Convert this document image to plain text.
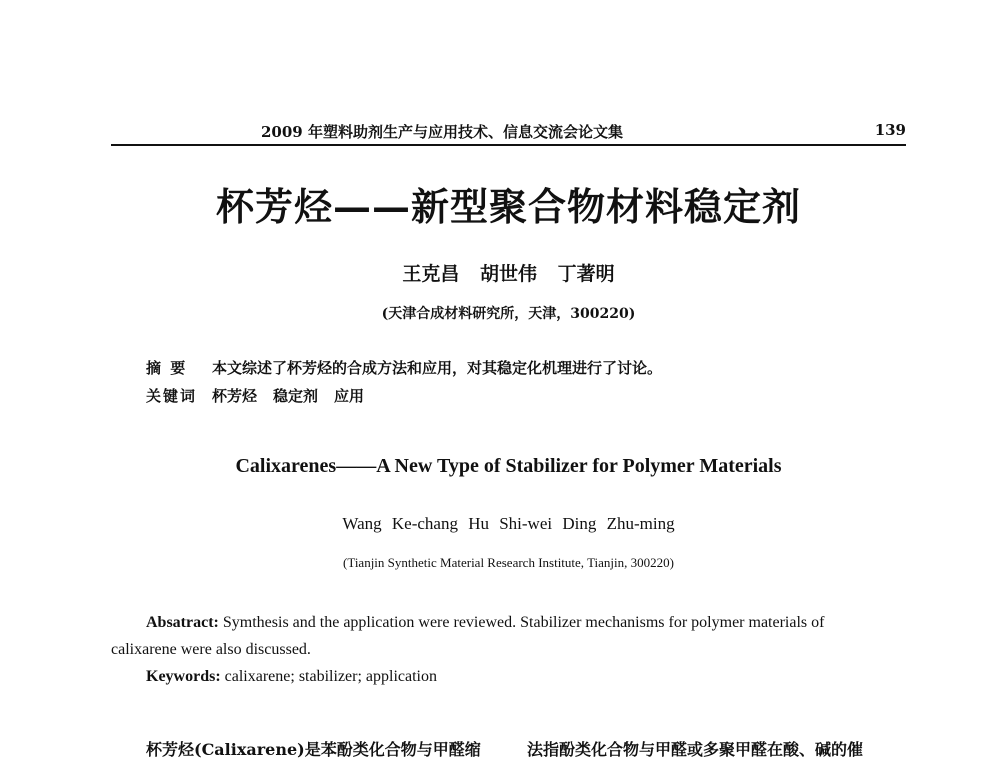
2009 年塑料助剂生产与应用技术、信息交流会论文集	139
杯芳烃——新型聚合物材料稳定剂
王克昌 胡世伟 丁著明
(天津合成材料研究所，天津，300220)
摘 要 本文综述了杯芳烃的合成方法和应用，对其稳定化机理进行了讨论。
关键词 杯芳烃 稳定剂 应用
Calixarenes——A New Type of Stabilizer for Polymer Materials
Wang Ke-chang Hu Shi-wei Ding Zhu-ming
(Tianjin Synthetic Material Research Institute, Tianjin, 300220)
Absatract: Symthesis and the application were reviewed. Stabilizer mechanisms for polymer materials of
calixarene were also discussed.
Keywords: calixarene; stabilizer; application
杯芳烃(Calixarene)是苯酚类化合物与甲醛缩	法指酚类化合物与甲醛或多聚甲醛在酸、碱的催
